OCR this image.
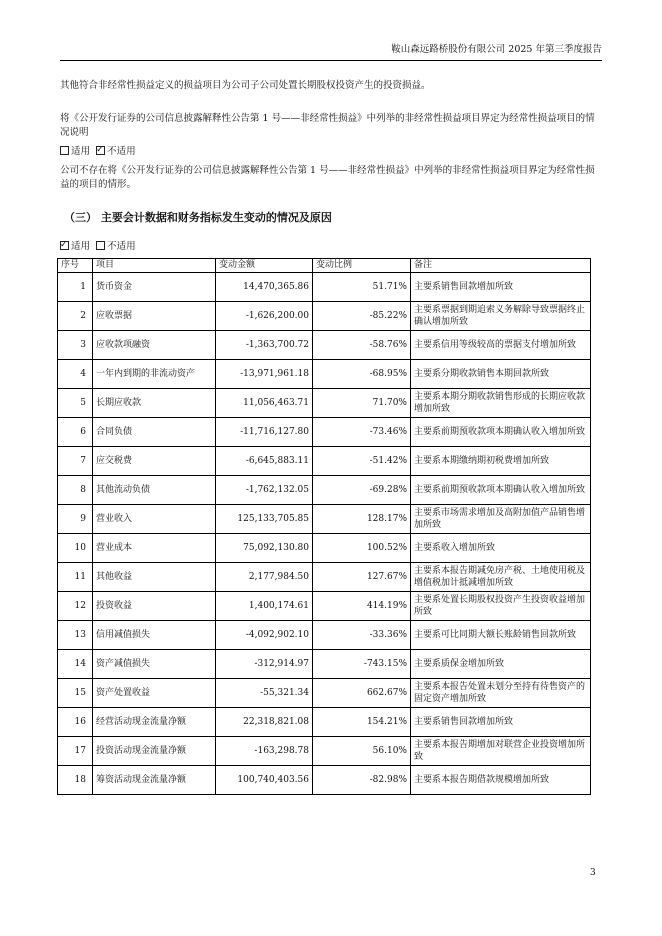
鞍山森远路桥股份有限公司 2025 年第三季度报告

其他符合非经常性损益定义的损益项目为公司子公司处置长期股权投资产生的投资损益。

将《公开发行证券的公司信息披露解释性公告第 1 号——非经常性损益》中列举的非经常性损益项目界定为经常性损益项目的情况说明

适用 ✓ 不适用

公司不存在将《公开发行证券的公司信息披露解释性公告第 1 号——非经常性损益》中列举的非经常性损益项目界定为经常性损益的项目的情形。

（三） 主要会计数据和财务指标发生变动的情况及原因
✓适用 不适用
序号	项目	变动金额	变动比例	备注
1	货币资金	14,470,365.86	51.71%	主要系销售回款增加所致
2	应收票据	-1,626,200.00	-85.22%	主要系票据到期追索义务解除导致票据终止确认增加所致
3	应收款项融资	-1,363,700.72	-58.76%	主要系信用等级较高的票据支付增加所致
4	一年内到期的非流动资产	-13,971,961.18	-68.95%	主要系分期收款销售本期回款所致
5	长期应收款	11,056,463.71	71.70%	主要系本期分期收款销售形成的长期应收款增加所致
6	合同负债	-11,716,127.80	-73.46%	主要系前期预收款项本期确认收入增加所致
7	应交税费	-6,645,883.11	-51.42%	主要系本期缴纳期初税费增加所致
8	其他流动负债	-1,762,132.05	-69.28%	主要系前期预收款项本期确认收入增加所致
9	营业收入	125,133,705.85	128.17%	主要系市场需求增加及高附加值产品销售增加所致
10	营业成本	75,092,130.80	100.52%	主要系收入增加所致
11	其他收益	2,177,984.50	127.67%	主要系本报告期减免房产税、土地使用税及增值税加计抵减增加所致
12	投资收益	1,400,174.61	414.19%	主要系处置长期股权投资产生投资收益增加所致
13	信用减值损失	-4,092,902.10	-33.36%	主要系可比同期大额长账龄销售回款所致
14	资产减值损失	-312,914.97	-743.15%	主要系质保金增加所致
15	资产处置收益	-55,321.34	662.67%	主要系本报告处置未划分至持有待售资产的固定资产增加所致
16	经营活动现金流量净额	22,318,821.08	154.21%	主要系销售回款增加所致
17	投资活动现金流量净额	-163,298.78	56.10%	主要系本报告期增加对联营企业投资增加所致
18	筹资活动现金流量净额	100,740,403.56	-82.98%	主要系本报告期借款规模增加所致
3
